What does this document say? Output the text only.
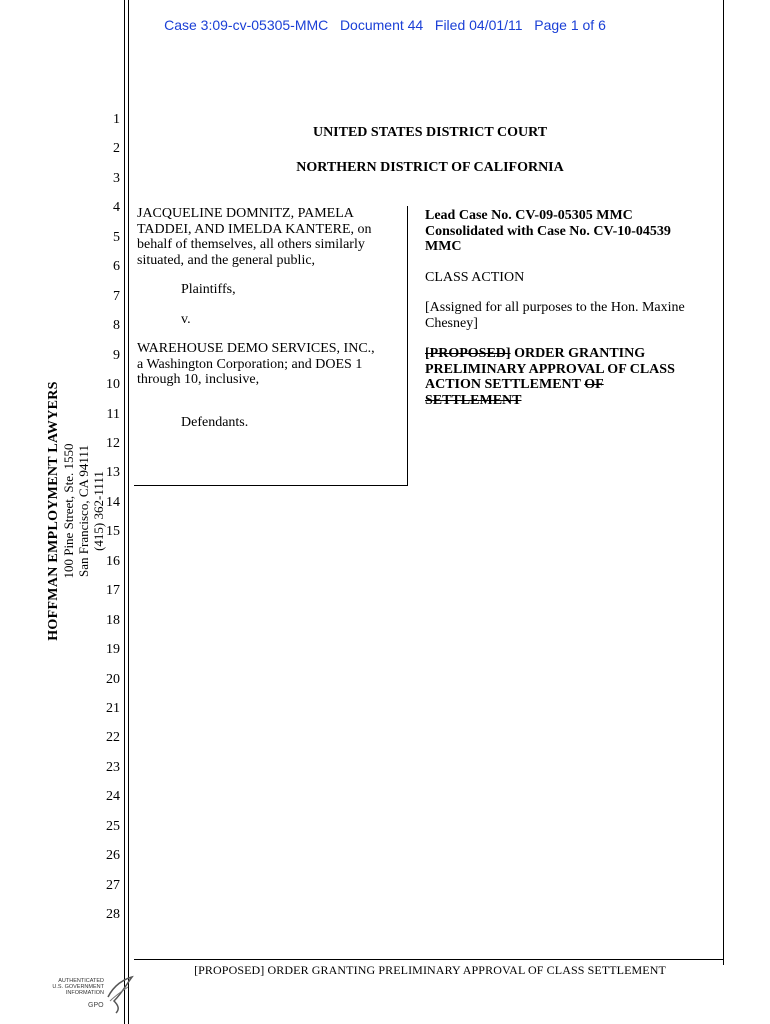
Case 3:09-cv-05305-MMC   Document 44   Filed 04/01/11   Page 1 of 6
1
2
3
4
5
6
7
8
9
10
11
12
13
14
15
16
17
18
19
20
21
22
23
24
25
26
27
28
HOFFMAN EMPLOYMENT LAWYERS 100 Pine Street, Ste. 1550 San Francisco, CA 94111 (415) 362-1111
UNITED STATES DISTRICT COURT
NORTHERN DISTRICT OF CALIFORNIA
JACQUELINE DOMNITZ, PAMELA
TADDEI, AND IMELDA KANTERE, on
behalf of themselves, all others similarly
situated, and the general public,
Plaintiffs,
v.
WAREHOUSE DEMO SERVICES, INC.,
a Washington Corporation; and DOES 1
through 10, inclusive,
Defendants.
Lead Case No. CV-09-05305 MMC
Consolidated with Case No. CV-10-04539
MMC
CLASS ACTION
[Assigned for all purposes to the Hon. Maxine
Chesney]
[PROPOSED] ORDER GRANTING
PRELIMINARY APPROVAL OF CLASS
ACTION SETTLEMENT OF
SETTLEMENT
[PROPOSED] ORDER GRANTING PRELIMINARY APPROVAL OF CLASS SETTLEMENT
AUTHENTICATED
U.S. GOVERNMENT
INFORMATION
GPO
